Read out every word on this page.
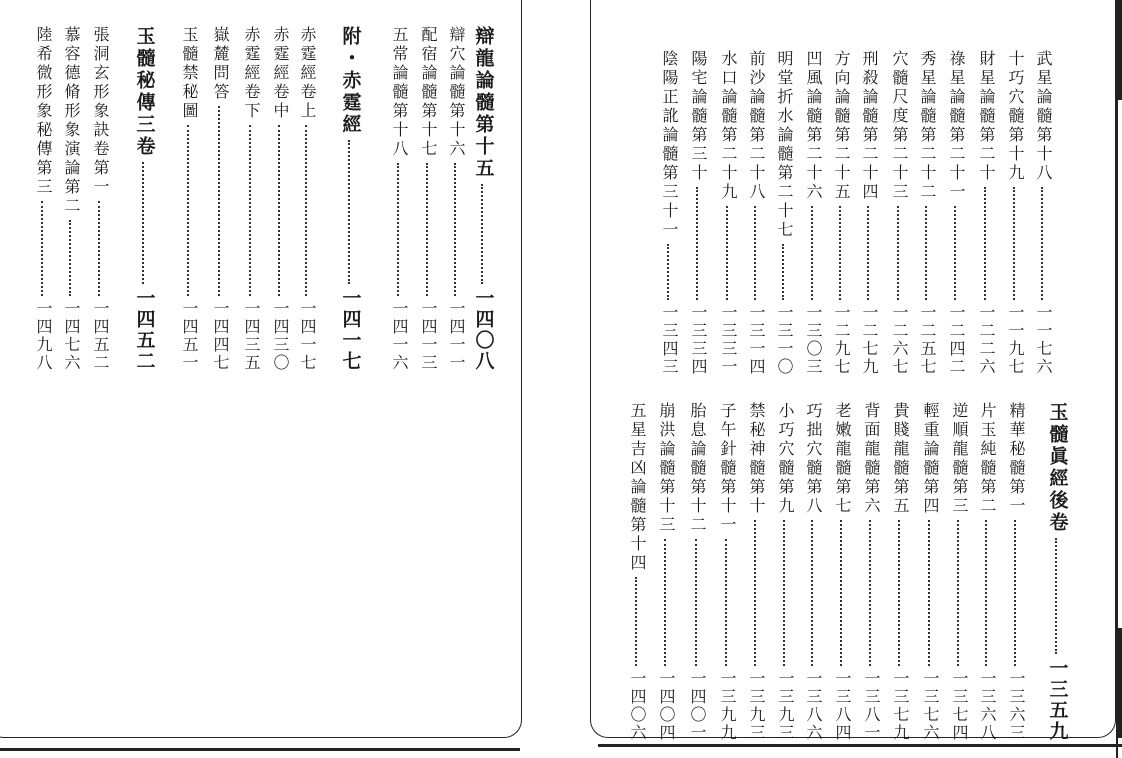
辯龍論髓第十五
一四〇八
辯穴論髓第十六
一四一一
配宿論髓第十七
一四一三
五常論髓第十八
一四一六
附・赤霆經
一四一七
赤霆經卷上
一四一七
赤霆經卷中
一四三〇
赤霆經卷下
一四三五
嶽麓問答
一四四七
玉髓禁秘圖
一四五一
玉髓秘傳三卷
一四五二
張洞玄形象訣卷第一
一四五二
慕容德脩形象演論第二
一四七六
陸希微形象秘傳第三
一四九八
武星論髓第十八
一一七六
十巧穴髓第十九
一一九七
財星論髓第二十
一二二六
祿星論髓第二十一
一二四二
秀星論髓第二十二
一二五七
穴髓尺度第二十三
一二六七
刑殺論髓第二十四
一二七九
方向論髓第二十五
一二九七
凹風論髓第二十六
一三〇三
明堂折水論髓第二十七
一三一〇
前沙論髓第二十八
一三一四
水口論髓第二十九
一三三一
陽宅論髓第三十
一三三四
陰陽正訛論髓第三十一
一三四三
玉髓眞經後卷
一三五九
精華秘髓第一
一三六三
片玉純髓第二
一三六八
逆順龍髓第三
一三七四
輕重論髓第四
一三七六
貴賤龍髓第五
一三七九
背面龍髓第六
一三八一
老嫩龍髓第七
一三八四
巧拙穴髓第八
一三八六
小巧穴髓第九
一三九三
禁秘神髓第十
一三九三
子午針髓第十一
一三九九
胎息論髓第十二
一四〇一
崩洪論髓第十三
一四〇四
五星吉凶論髓第十四
一四〇六
